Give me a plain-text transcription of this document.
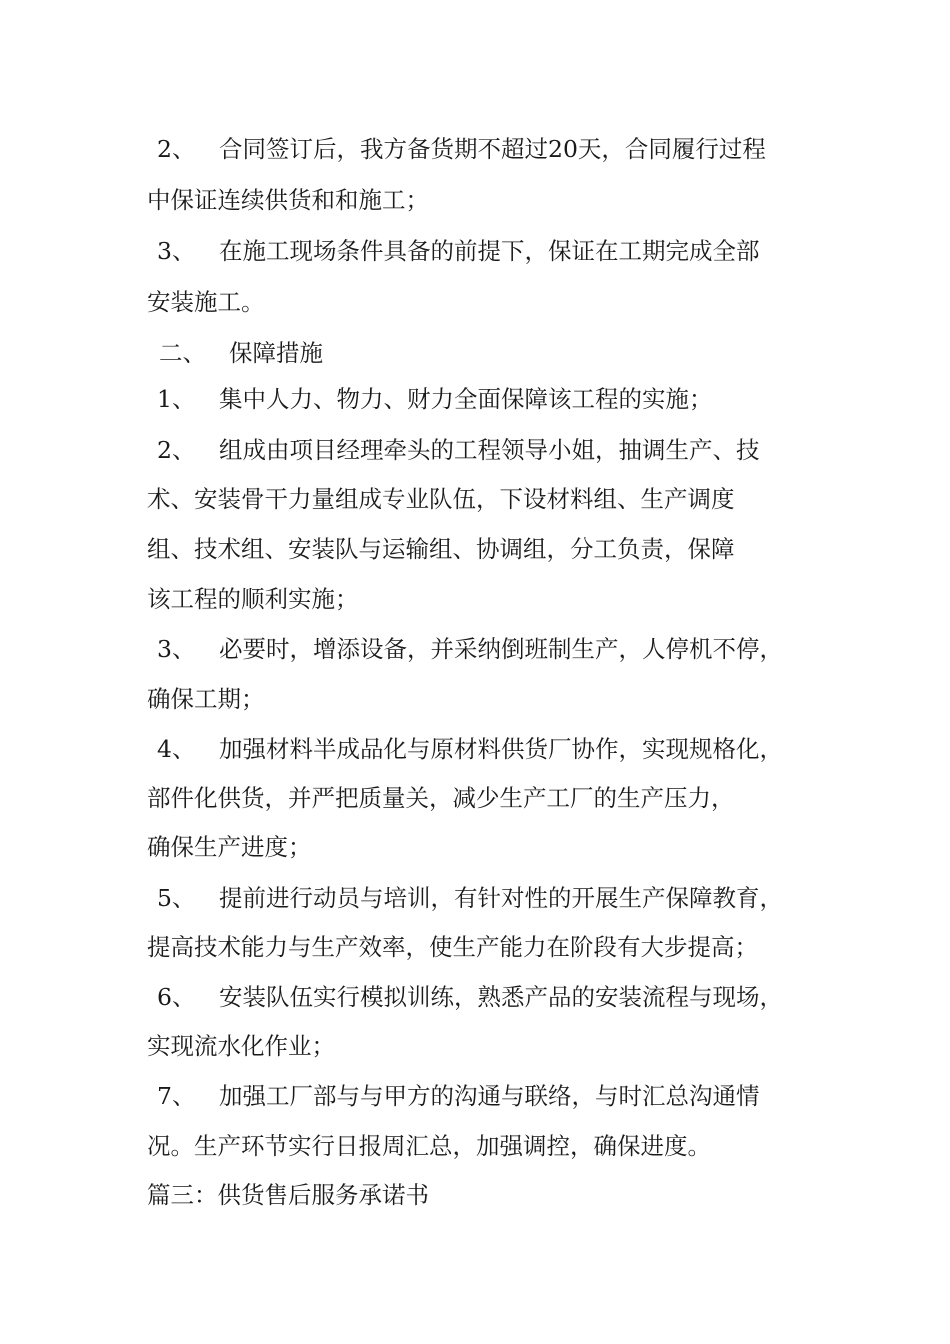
2、 合同签订后，我方备货期不超过20天，合同履行过程
中保证连续供货和和施工；
3、 在施工现场条件具备的前提下，保证在工期完成全部
安装施工。
二、 保障措施
1、 集中人力、物力、财力全面保障该工程的实施；
2、 组成由项目经理牵头的工程领导小姐，抽调生产、技
术、安装骨干力量组成专业队伍，下设材料组、生产调度
组、技术组、安装队与运输组、协调组，分工负责，保障
该工程的顺利实施；
3、 必要时，增添设备，并采纳倒班制生产，人停机不停，
确保工期；
4、 加强材料半成品化与原材料供货厂协作，实现规格化，
部件化供货，并严把质量关，减少生产工厂的生产压力，
确保生产进度；
5、 提前进行动员与培训，有针对性的开展生产保障教育，
提高技术能力与生产效率，使生产能力在阶段有大步提高；
6、 安装队伍实行模拟训练，熟悉产品的安装流程与现场，
实现流水化作业；
7、 加强工厂部与与甲方的沟通与联络，与时汇总沟通情
况。生产环节实行日报周汇总，加强调控，确保进度。
篇三：供货售后服务承诺书
